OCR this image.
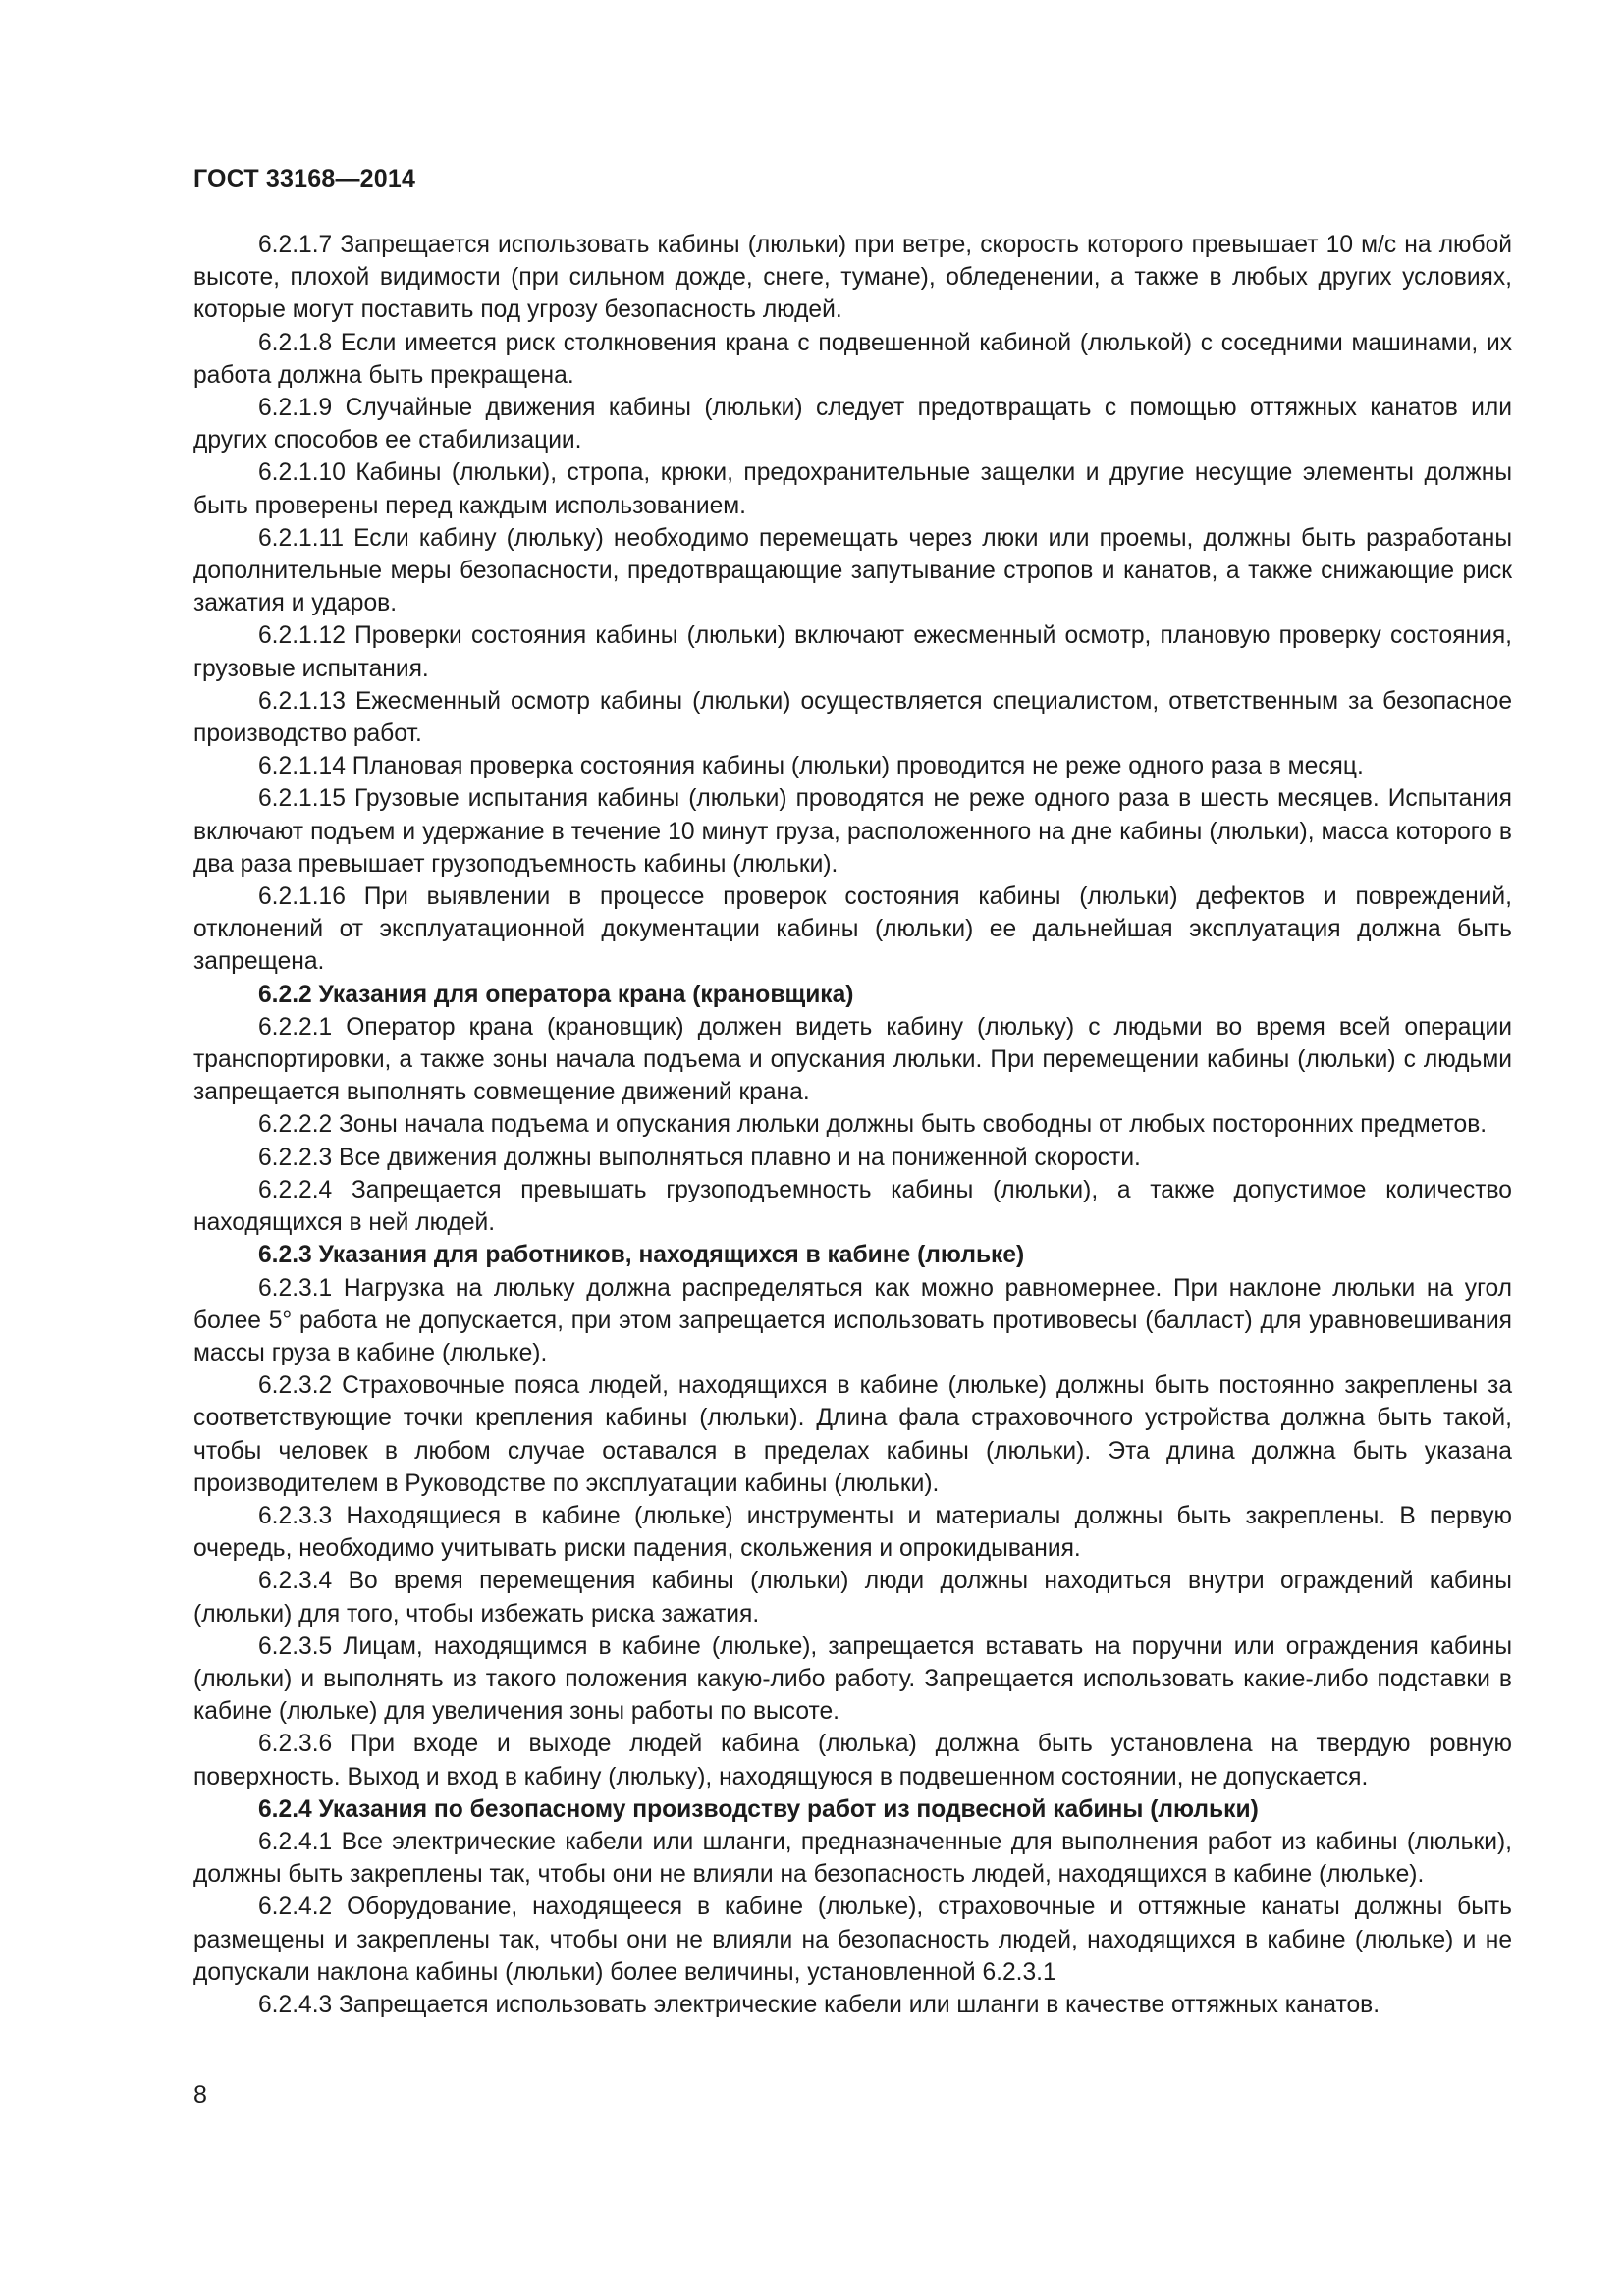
ГОСТ 33168—2014

6.2.1.7 Запрещается использовать кабины (люльки) при ветре, скорость которого превышает 10 м/с на любой высоте, плохой видимости (при сильном дожде, снеге, тумане), обледенении, а также в любых других условиях, которые могут поставить под угрозу безопасность людей.

6.2.1.8 Если имеется риск столкновения крана с подвешенной кабиной (люлькой) с соседними машинами, их работа должна быть прекращена.

6.2.1.9 Случайные движения кабины (люльки) следует предотвращать с помощью оттяжных канатов или других способов ее стабилизации.

6.2.1.10 Кабины (люльки), стропа, крюки, предохранительные защелки и другие несущие элементы должны быть проверены перед каждым использованием.

6.2.1.11 Если кабину (люльку) необходимо перемещать через люки или проемы, должны быть разработаны дополнительные меры безопасности, предотвращающие запутывание стропов и канатов, а также снижающие риск зажатия и ударов.

6.2.1.12 Проверки состояния кабины (люльки) включают ежесменный осмотр, плановую проверку состояния, грузовые испытания.

6.2.1.13 Ежесменный осмотр кабины (люльки) осуществляется специалистом, ответственным за безопасное производство работ.

6.2.1.14 Плановая проверка состояния кабины (люльки) проводится не реже одного раза в месяц.

6.2.1.15 Грузовые испытания кабины (люльки) проводятся не реже одного раза в шесть месяцев. Испытания включают подъем и удержание в течение 10 минут груза, расположенного на дне кабины (люльки), масса которого в два раза превышает грузоподъемность кабины (люльки).

6.2.1.16 При выявлении в процессе проверок состояния кабины (люльки) дефектов и повреждений, отклонений от эксплуатационной документации кабины (люльки) ее дальнейшая эксплуатация должна быть запрещена.

6.2.2 Указания для оператора крана (крановщика)

6.2.2.1 Оператор крана (крановщик) должен видеть кабину (люльку) с людьми во время всей операции транспортировки, а также зоны начала подъема и опускания люльки. При перемещении кабины (люльки) с людьми запрещается выполнять совмещение движений крана.

6.2.2.2 Зоны начала подъема и опускания люльки должны быть свободны от любых посторонних предметов.

6.2.2.3 Все движения должны выполняться плавно и на пониженной скорости.

6.2.2.4 Запрещается превышать грузоподъемность кабины (люльки), а также допустимое количество находящихся в ней людей.

6.2.3 Указания для работников, находящихся в кабине (люльке)

6.2.3.1 Нагрузка на люльку должна распределяться как можно равномернее. При наклоне люльки на угол более 5° работа не допускается, при этом запрещается использовать противовесы (балласт) для уравновешивания массы груза в кабине (люльке).

6.2.3.2 Страховочные пояса людей, находящихся в кабине (люльке) должны быть постоянно закреплены за соответствующие точки крепления кабины (люльки). Длина фала страховочного устройства должна быть такой, чтобы человек в любом случае оставался в пределах кабины (люльки). Эта длина должна быть указана производителем в Руководстве по эксплуатации кабины (люльки).

6.2.3.3 Находящиеся в кабине (люльке) инструменты и материалы должны быть закреплены. В первую очередь, необходимо учитывать риски падения, скольжения и опрокидывания.

6.2.3.4 Во время перемещения кабины (люльки) люди должны находиться внутри ограждений кабины (люльки) для того, чтобы избежать риска зажатия.

6.2.3.5 Лицам, находящимся в кабине (люльке), запрещается вставать на поручни или ограждения кабины (люльки) и выполнять из такого положения какую-либо работу. Запрещается использовать какие-либо подставки в кабине (люльке) для увеличения зоны работы по высоте.

6.2.3.6 При входе и выходе людей кабина (люлька) должна быть установлена на твердую ровную поверхность. Выход и вход в кабину (люльку), находящуюся в подвешенном состоянии, не допускается.

6.2.4 Указания по безопасному производству работ из подвесной кабины (люльки)

6.2.4.1 Все электрические кабели или шланги, предназначенные для выполнения работ из кабины (люльки), должны быть закреплены так, чтобы они не влияли на безопасность людей, находящихся в кабине (люльке).

6.2.4.2 Оборудование, находящееся в кабине (люльке), страховочные и оттяжные канаты должны быть размещены и закреплены так, чтобы они не влияли на безопасность людей, находящихся в кабине (люльке) и не допускали наклона кабины (люльки) более величины, установленной 6.2.3.1

6.2.4.3 Запрещается использовать электрические кабели или шланги в качестве оттяжных канатов.

8
